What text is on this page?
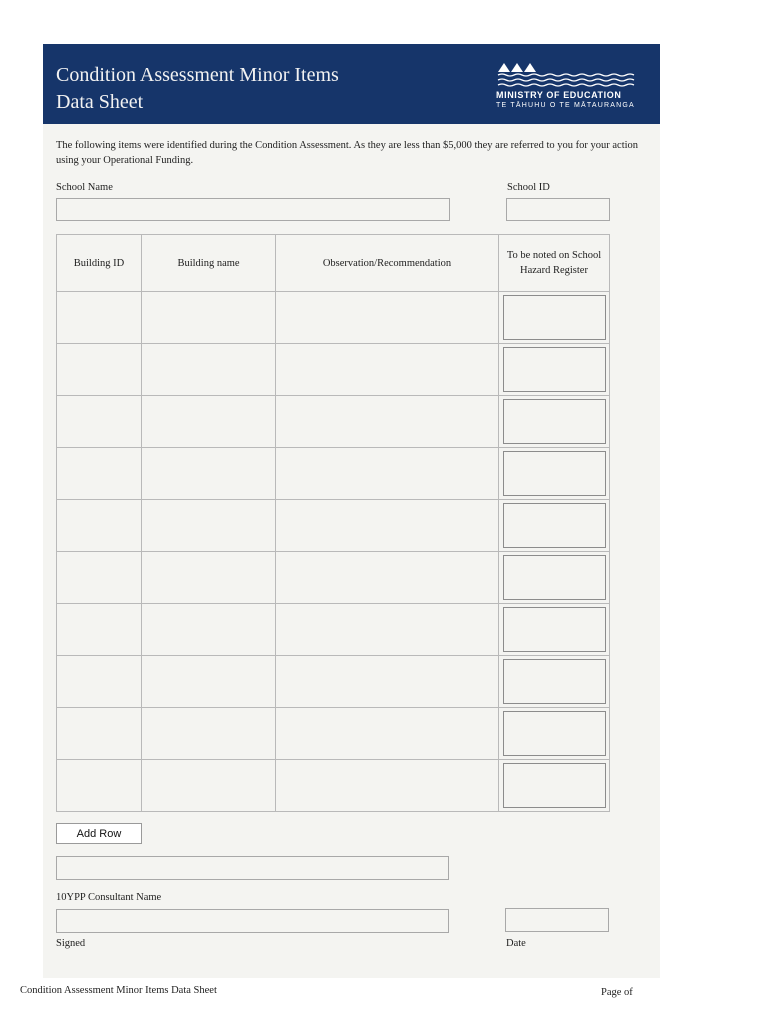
Condition Assessment Minor Items
Data Sheet	MINISTRY OF EDUCATION
TE TĀHUHU O TE MĀTAURANGA
The following items were identified during the Condition Assessment. As they are less than $5,000 they are referred to you for your action using your Operational Funding.
School Name	School ID
Building ID	Building name	Observation/Recommendation	To be noted on School Hazard Register

Add Row
10YPP Consultant Name
Signed	Date
Condition Assessment Minor Items Data Sheet	Page of
